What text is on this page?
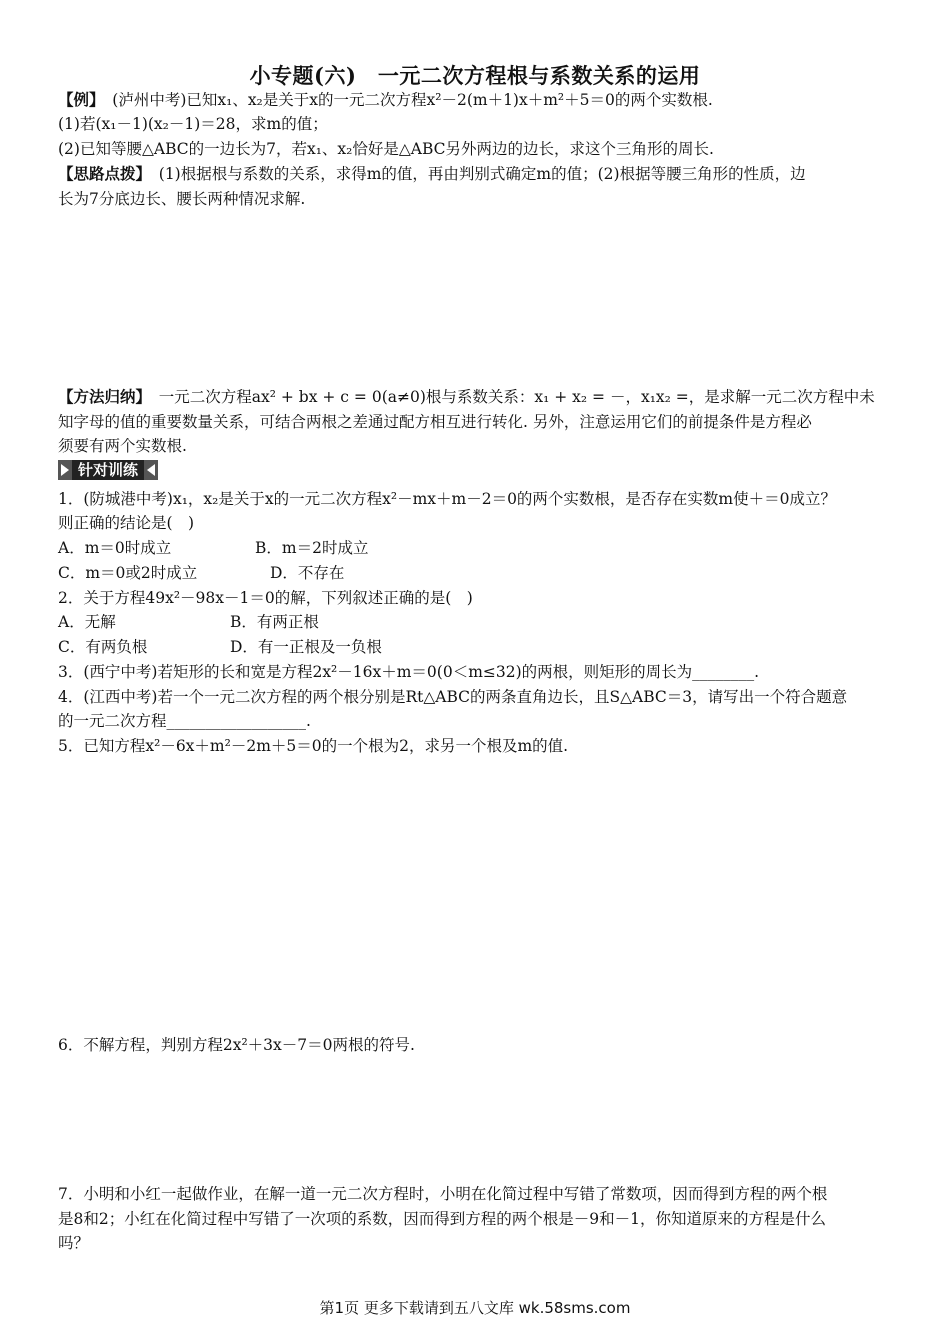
小专题(六)　一元二次方程根与系数关系的运用
【例】　(泸州中考)已知x₁、x₂是关于x的一元二次方程x²－2(m＋1)x＋m²＋5＝0的两个实数根.
(1)若(x₁－1)(x₂－1)＝28，求m的值；
(2)已知等腰△ABC的一边长为7，若x₁、x₂恰好是△ABC另外两边的边长，求这个三角形的周长.
【思路点拨】　(1)根据根与系数的关系，求得m的值，再由判别式确定m的值；(2)根据等腰三角形的性质，边
长为7分底边长、腰长两种情况求解.
【方法归纳】　一元二次方程ax² + bx + c = 0(a≠0)根与系数关系：x₁ + x₂ = －，x₁x₂ =，是求解一元二次方程中未
知字母的值的重要数量关系，可结合两根之差通过配方相互进行转化. 另外，注意运用它们的前提条件是方程必
须要有两个实数根.
针对训练
1．(防城港中考)x₁，x₂是关于x的一元二次方程x²－mx＋m－2＝0的两个实数根，是否存在实数m使＋＝0成立？
则正确的结论是(　)
A．m＝0时成立	B．m＝2时成立
C．m＝0或2时成立	D．不存在
2．关于方程49x²－98x－1＝0的解，下列叙述正确的是(　)
A．无解	B．有两正根
C．有两负根	D．有一正根及一负根
3．(西宁中考)若矩形的长和宽是方程2x²－16x＋m＝0(0＜m≤32)的两根，则矩形的周长为________.
4．(江西中考)若一个一元二次方程的两个根分别是Rt△ABC的两条直角边长，且S△ABC＝3，请写出一个符合题意
的一元二次方程__________________.
5．已知方程x²－6x＋m²－2m＋5＝0的一个根为2，求另一个根及m的值.
6．不解方程，判别方程2x²＋3x－7＝0两根的符号.
7．小明和小红一起做作业，在解一道一元二次方程时，小明在化简过程中写错了常数项，因而得到方程的两个根
是8和2；小红在化简过程中写错了一次项的系数，因而得到方程的两个根是－9和－1，你知道原来的方程是什么
吗？
第1页 更多下载请到五八文库 wk.58sms.com
